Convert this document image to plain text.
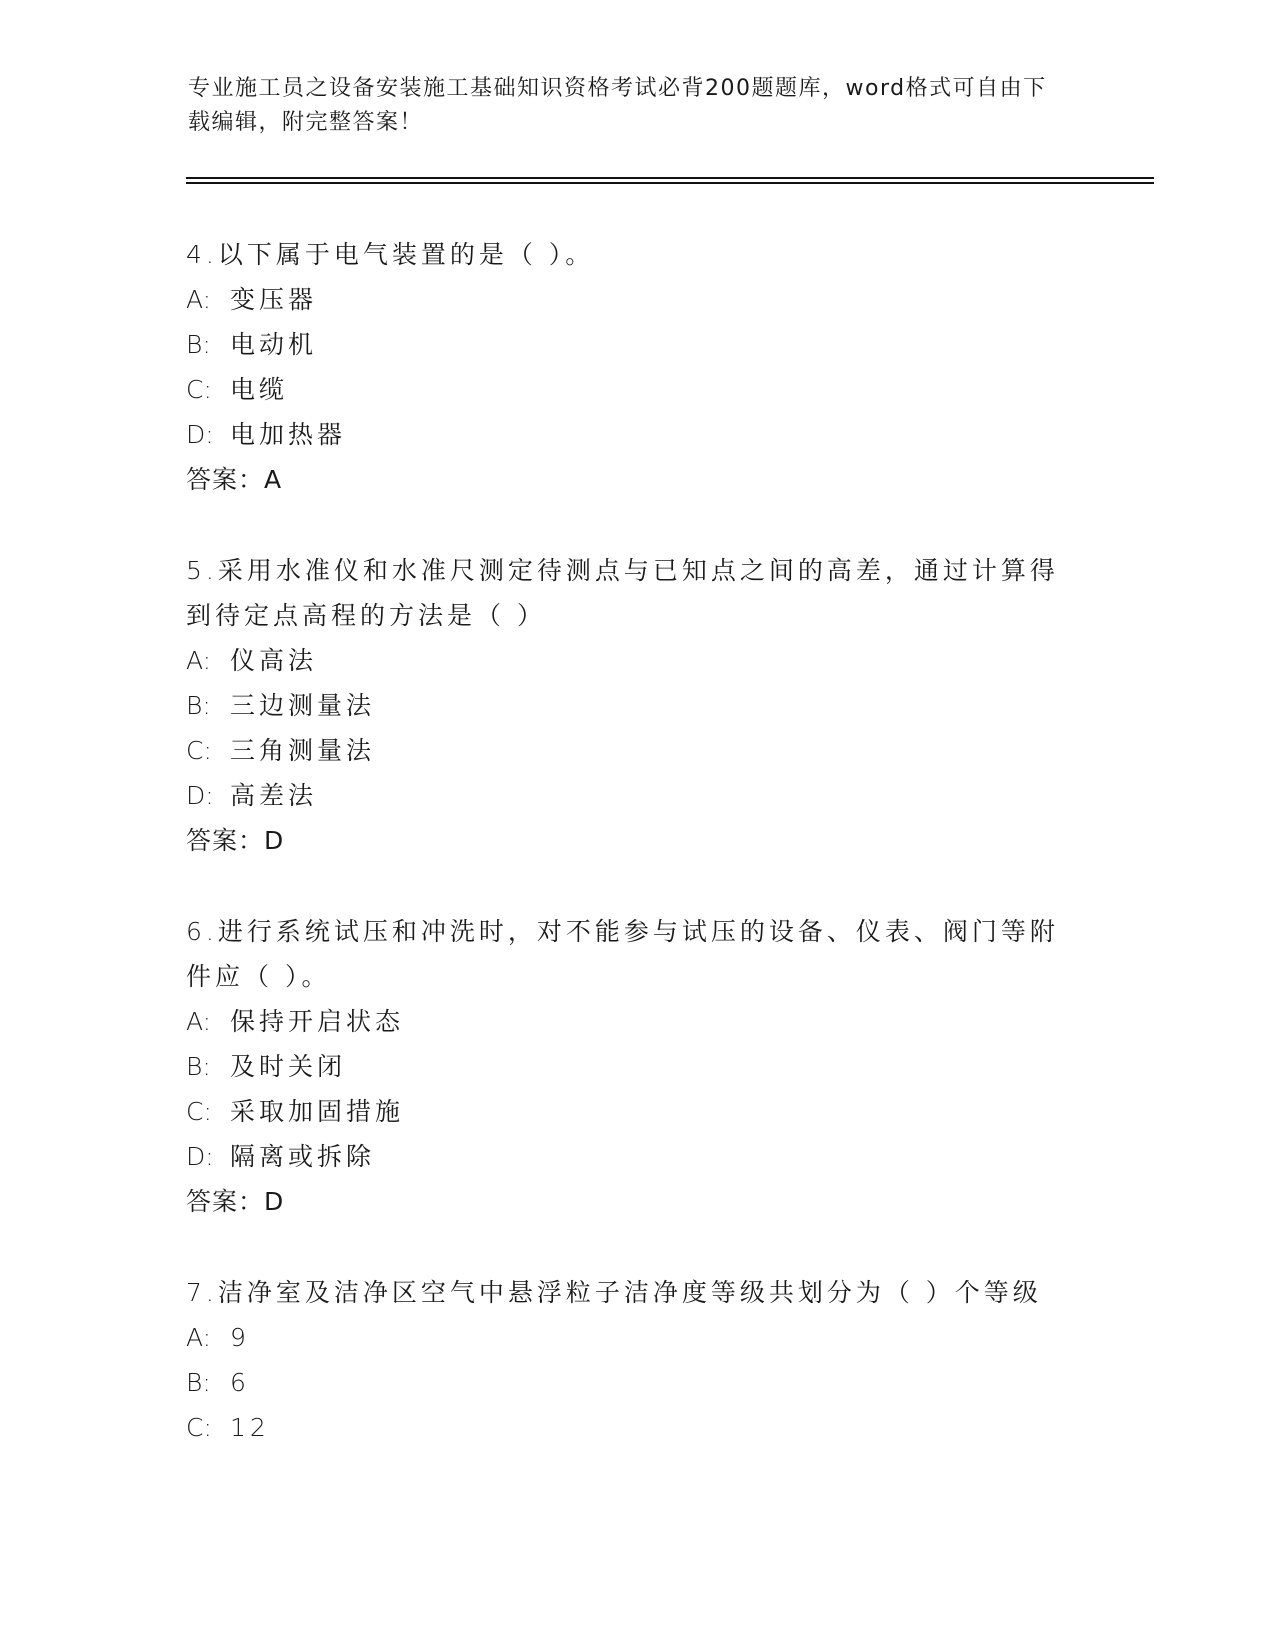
专业施工员之设备安装施工基础知识资格考试必背200题题库，word格式可自由下载编辑，附完整答案！
4.以下属于电气装置的是（ ）。
A: 变压器
B: 电动机
C: 电缆
D: 电加热器
答案：A
5.采用水准仪和水准尺测定待测点与已知点之间的高差，通过计算得到待定点高程的方法是（ ）
A: 仪高法
B: 三边测量法
C: 三角测量法
D: 高差法
答案：D
6.进行系统试压和冲洗时，对不能参与试压的设备、仪表、阀门等附件应（ ）。
A: 保持开启状态
B: 及时关闭
C: 采取加固措施
D: 隔离或拆除
答案：D
7.洁净室及洁净区空气中悬浮粒子洁净度等级共划分为（ ）个等级
A: 9
B: 6
C: 12
